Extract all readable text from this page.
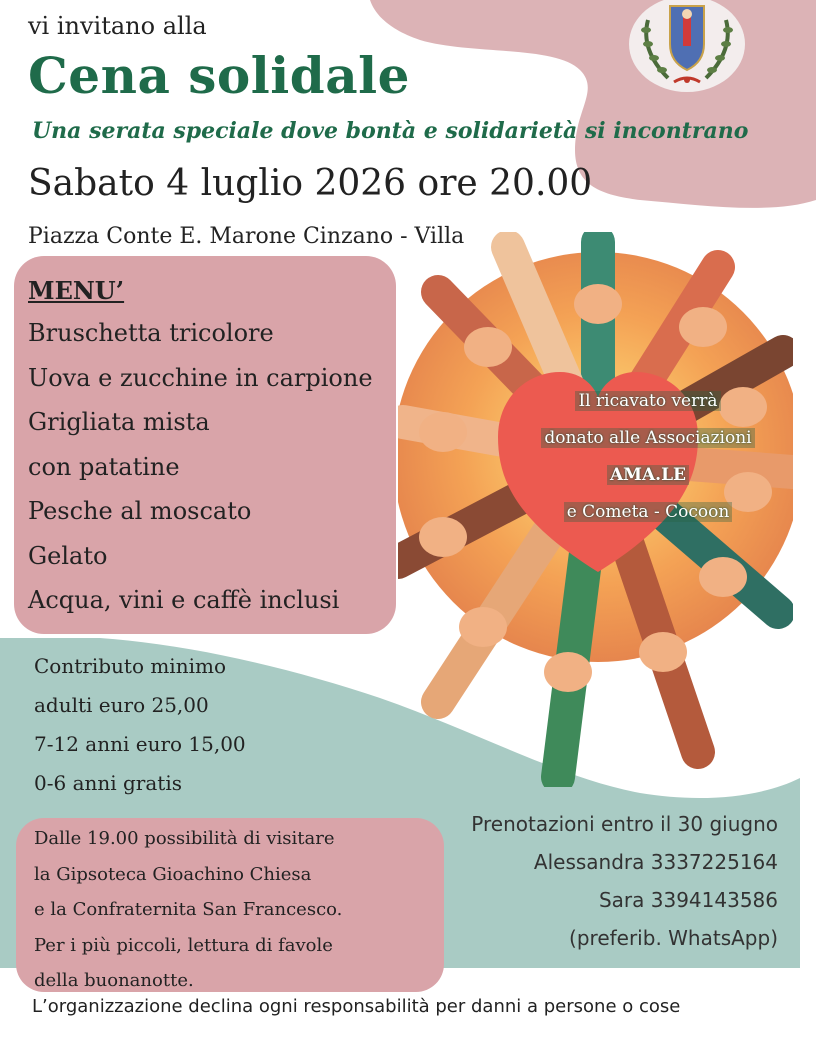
vi invitano alla
Cena solidale
Una serata speciale dove bontà e solidarietà si incontrano
Sabato 4 luglio 2026 ore 20.00
Piazza Conte E. Marone Cinzano - Villa
MENU’
Bruschetta tricolore
Uova e zucchine in carpione
Grigliata mista
con patatine
Pesche al moscato
Gelato
Acqua, vini e caffè inclusi
Il ricavato verrà
donato alle Associazioni
AMA.LE
e Cometa - Cocoon
Contributo minimo
adulti euro 25,00
7-12 anni euro 15,00
0-6 anni gratis
Dalle 19.00 possibilità di visitare
la Gipsoteca Gioachino Chiesa
e la Confraternita San Francesco.
Per i più piccoli, lettura di favole
della buonanotte.
Prenotazioni entro il 30 giugno
Alessandra 3337225164
Sara 3394143586
(preferib. WhatsApp)
L’organizzazione declina ogni responsabilità per danni a persone o cose
